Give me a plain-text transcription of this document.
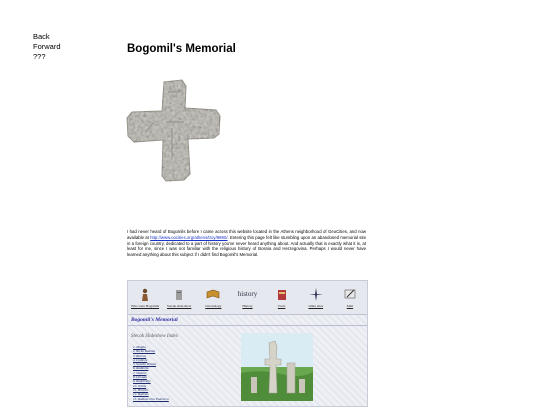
Back
Forward
???
Bogomil's Memorial

I had never heard of Bogomils before I came across this website located in the Athens neighborhood of GeoCities, and now available at http://www.oocities.org/athens/troy/9890/. Entering this page felt like stumbling upon an abandoned memorial site in a foreign country, dedicated to a part of history you've never heard anything about. And actually that is exactly what it is, at least for me, since I was not familiar with the religious history of Bosnia and Herzegovina. Perhaps I would never have learned anything about this subject if I didn't find Bogomil's Memorial.

Who were Bogomils Stecak slide show	Chronology
history
History	Tools	Other sites	Mail
Bogomil's Memorial
Stecak Slideshow Index
1. Mogila
2. Brcko Radmia
3. Bilecca
4. Ljubinje
5. Savetin Riistan
6. Radimlja
7. Stolhici
8. Donada
9. Radolhelje
10. Trebis
11. Hrnilici
12. Rudmns
13. Radimir/elcu Podvecca
